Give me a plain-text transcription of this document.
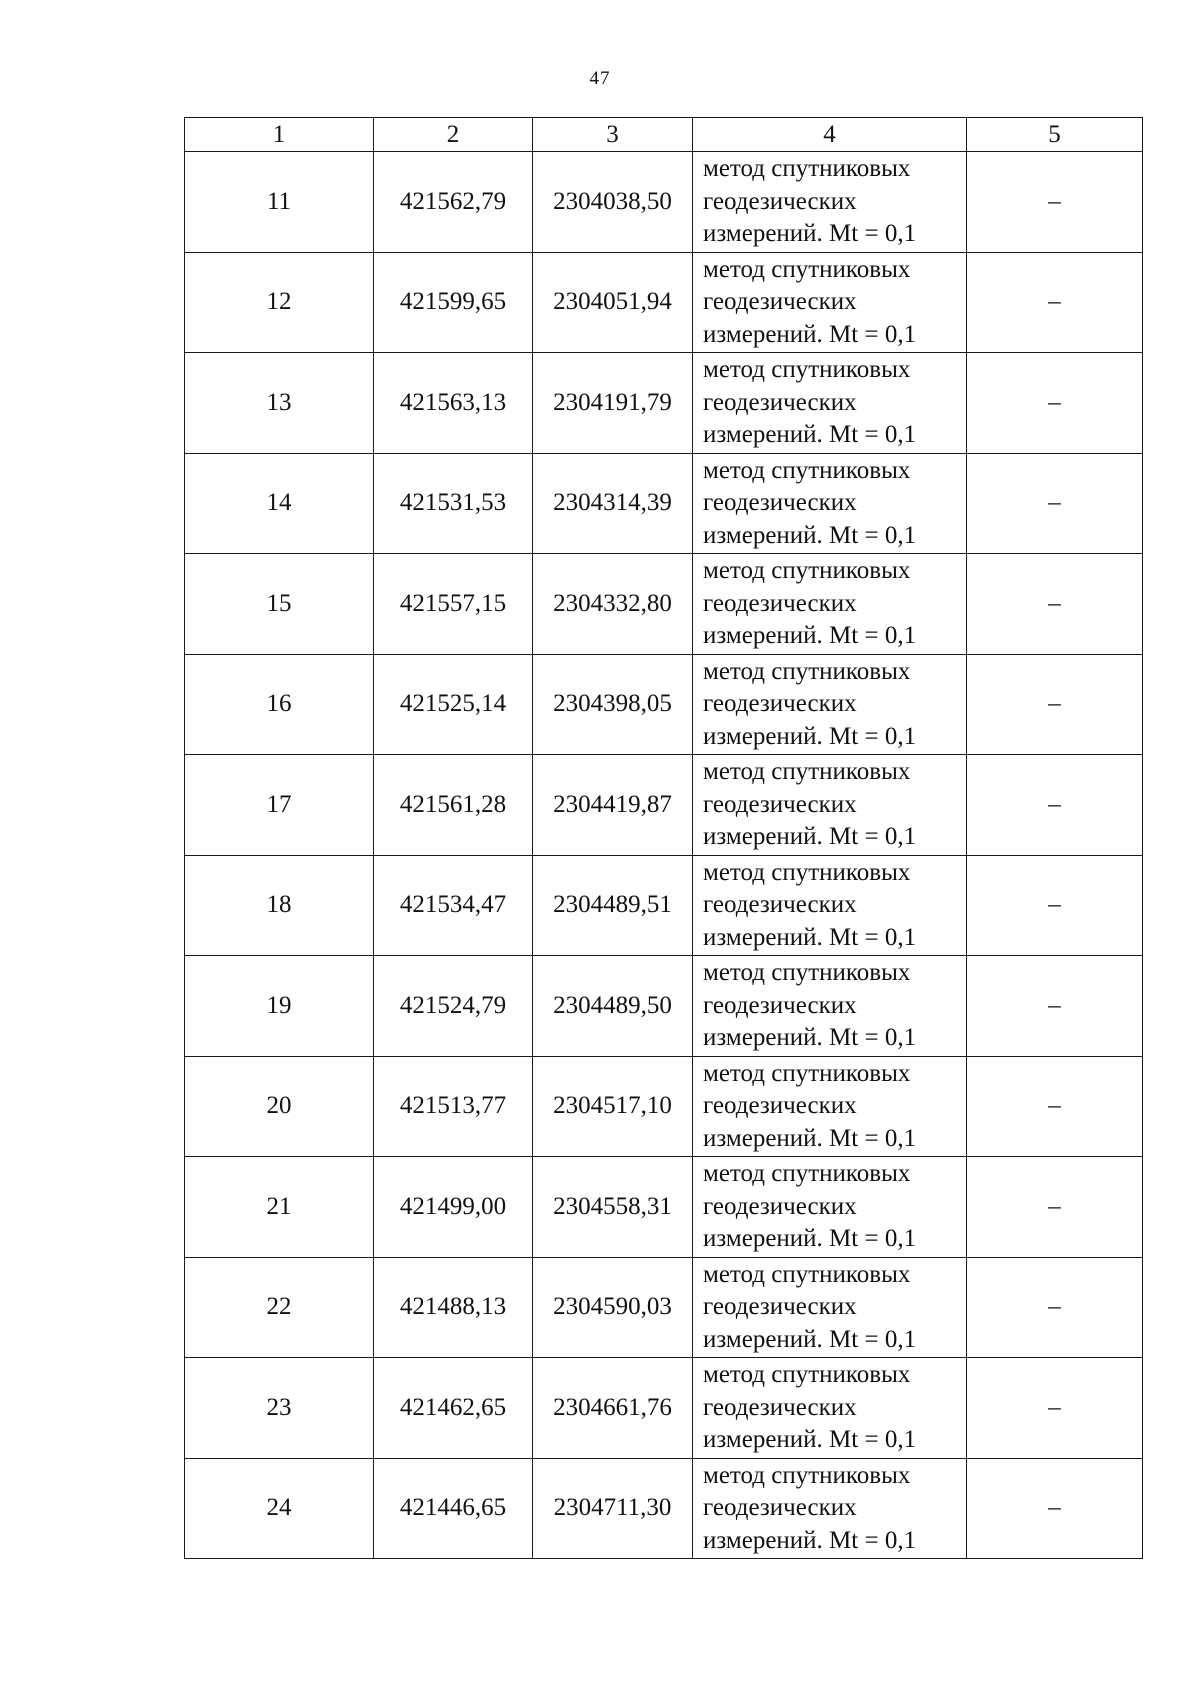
47
1	2	3	4	5
11	421562,79	2304038,50	метод спутниковых
геодезических
измерений. Mt = 0,1	–
12	421599,65	2304051,94	метод спутниковых
геодезических
измерений. Mt = 0,1	–
13	421563,13	2304191,79	метод спутниковых
геодезических
измерений. Mt = 0,1	–
14	421531,53	2304314,39	метод спутниковых
геодезических
измерений. Mt = 0,1	–
15	421557,15	2304332,80	метод спутниковых
геодезических
измерений. Mt = 0,1	–
16	421525,14	2304398,05	метод спутниковых
геодезических
измерений. Mt = 0,1	–
17	421561,28	2304419,87	метод спутниковых
геодезических
измерений. Mt = 0,1	–
18	421534,47	2304489,51	метод спутниковых
геодезических
измерений. Mt = 0,1	–
19	421524,79	2304489,50	метод спутниковых
геодезических
измерений. Mt = 0,1	–
20	421513,77	2304517,10	метод спутниковых
геодезических
измерений. Mt = 0,1	–
21	421499,00	2304558,31	метод спутниковых
геодезических
измерений. Mt = 0,1	–
22	421488,13	2304590,03	метод спутниковых
геодезических
измерений. Mt = 0,1	–
23	421462,65	2304661,76	метод спутниковых
геодезических
измерений. Mt = 0,1	–
24	421446,65	2304711,30	метод спутниковых
геодезических
измерений. Mt = 0,1	–
